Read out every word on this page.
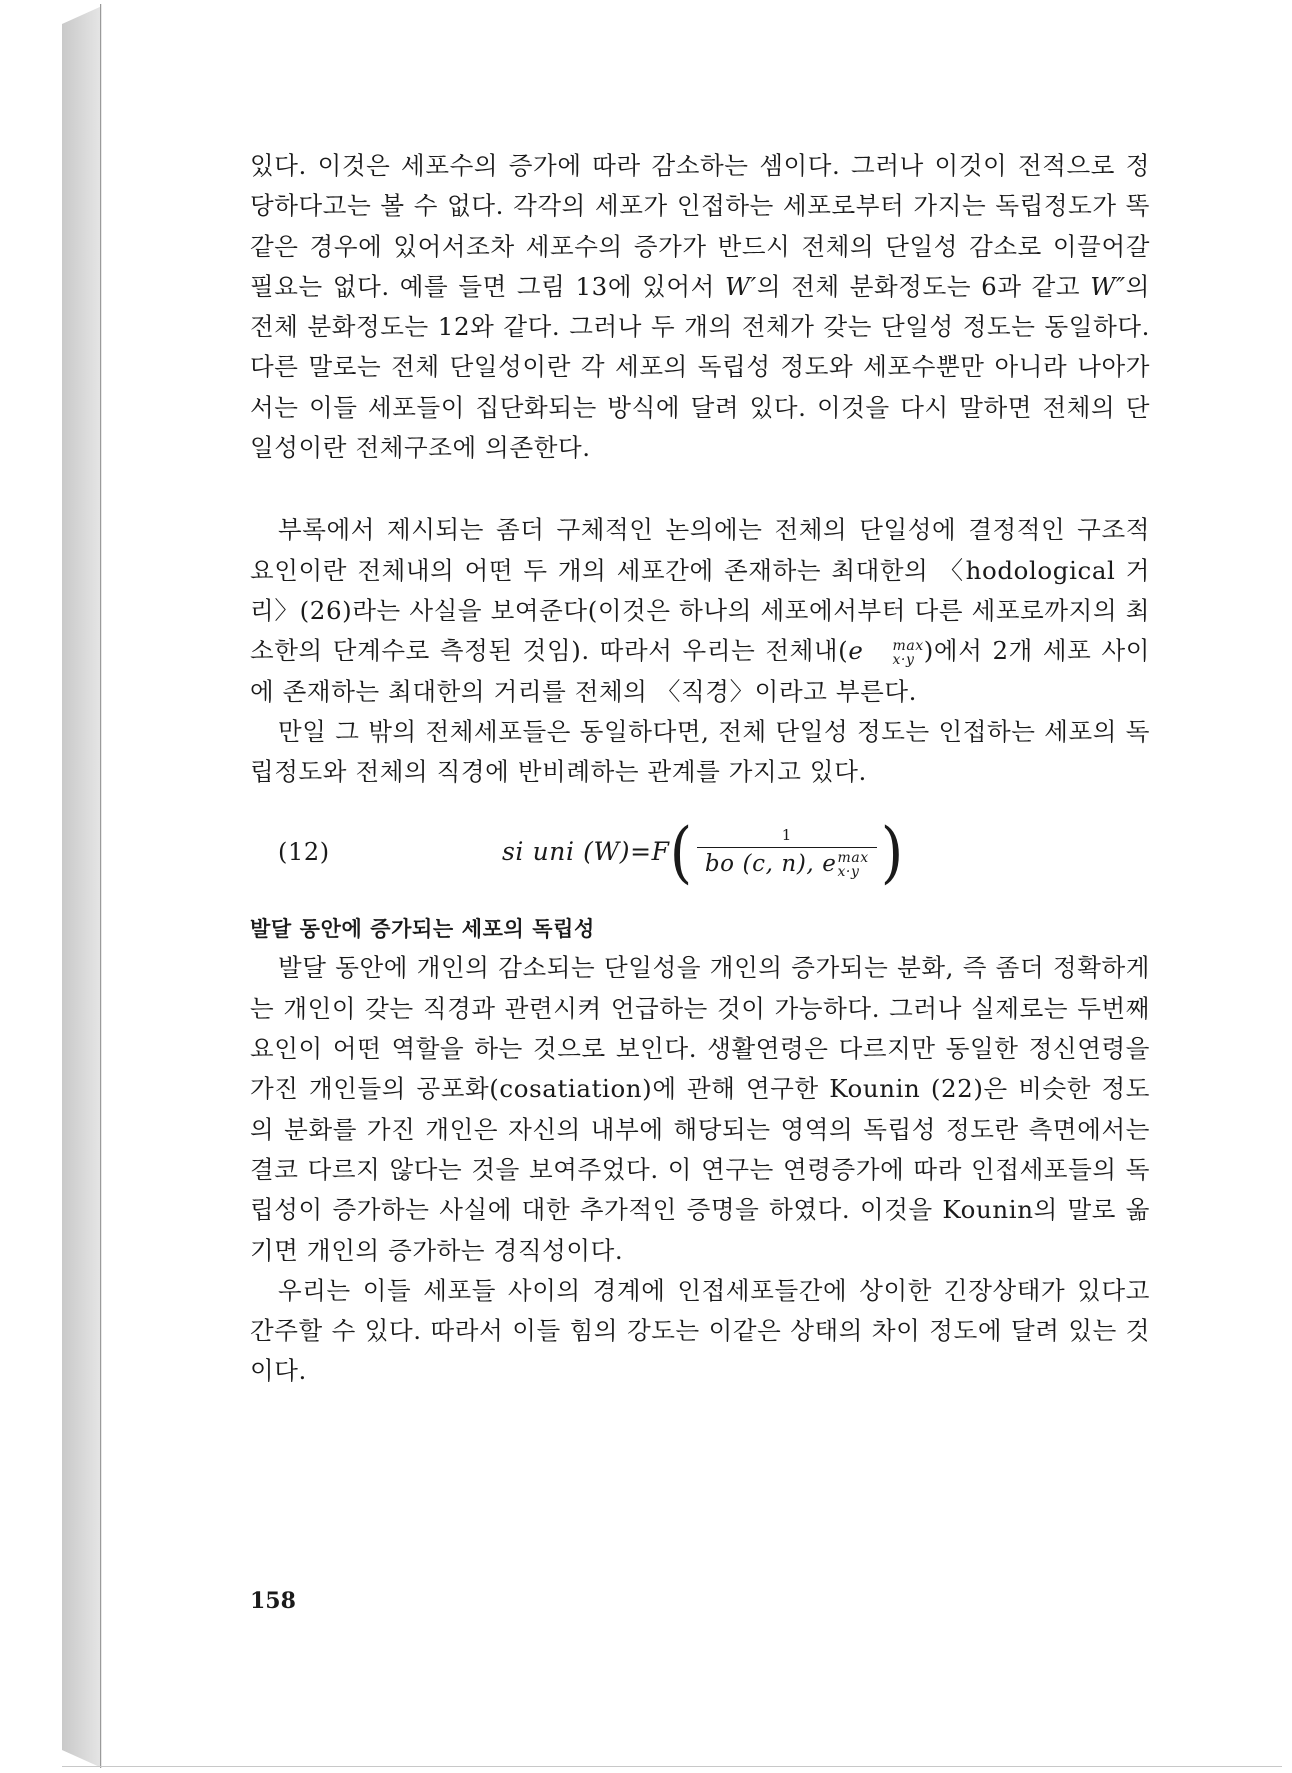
있다. 이것은 세포수의 증가에 따라 감소하는 셈이다. 그러나 이것이 전적으로 정당하다고는 볼 수 없다. 각각의 세포가 인접하는 세포로부터 가지는 독립정도가 똑같은 경우에 있어서조차 세포수의 증가가 반드시 전체의 단일성 감소로 이끌어갈 필요는 없다. 예를 들면 그림 13에 있어서 W′의 전체 분화정도는 6과 같고 W″의 전체 분화정도는 12와 같다. 그러나 두 개의 전체가 갖는 단일성 정도는 동일하다. 다른 말로는 전체 단일성이란 각 세포의 독립성 정도와 세포수뿐만 아니라 나아가서는 이들 세포들이 집단화되는 방식에 달려 있다. 이것을 다시 말하면 전체의 단일성이란 전체구조에 의존한다.

부록에서 제시되는 좀더 구체적인 논의에는 전체의 단일성에 결정적인 구조적 요인이란 전체내의 어떤 두 개의 세포간에 존재하는 최대한의 〈hodological 거리〉(26)라는 사실을 보여준다(이것은 하나의 세포에서부터 다른 세포로까지의 최소한의 단계수로 측정된 것임). 따라서 우리는 전체내(e	max
x·y )에서 2개 세포 사이에 존재하는 최대한의 거리를 전체의 〈직경〉이라고 부른다.

만일 그 밖의 전체세포들은 동일하다면, 전체 단일성 정도는 인접하는 세포의 독립정도와 전체의 직경에 반비례하는 관계를 가지고 있다.

(12)	si uni (W)=F ( 1
bo (c, n), e max
x·y )
발달 동안에 증가되는 세포의 독립성

발달 동안에 개인의 감소되는 단일성을 개인의 증가되는 분화, 즉 좀더 정확하게는 개인이 갖는 직경과 관련시켜 언급하는 것이 가능하다. 그러나 실제로는 두번째 요인이 어떤 역할을 하는 것으로 보인다. 생활연령은 다르지만 동일한 정신연령을 가진 개인들의 공포화(cosatiation)에 관해 연구한 Kounin (22)은 비슷한 정도의 분화를 가진 개인은 자신의 내부에 해당되는 영역의 독립성 정도란 측면에서는 결코 다르지 않다는 것을 보여주었다. 이 연구는 연령증가에 따라 인접세포들의 독립성이 증가하는 사실에 대한 추가적인 증명을 하였다. 이것을 Kounin의 말로 옮기면 개인의 증가하는 경직성이다.

우리는 이들 세포들 사이의 경계에 인접세포들간에 상이한 긴장상태가 있다고 간주할 수 있다. 따라서 이들 힘의 강도는 이같은 상태의 차이 정도에 달려 있는 것이다.

158
